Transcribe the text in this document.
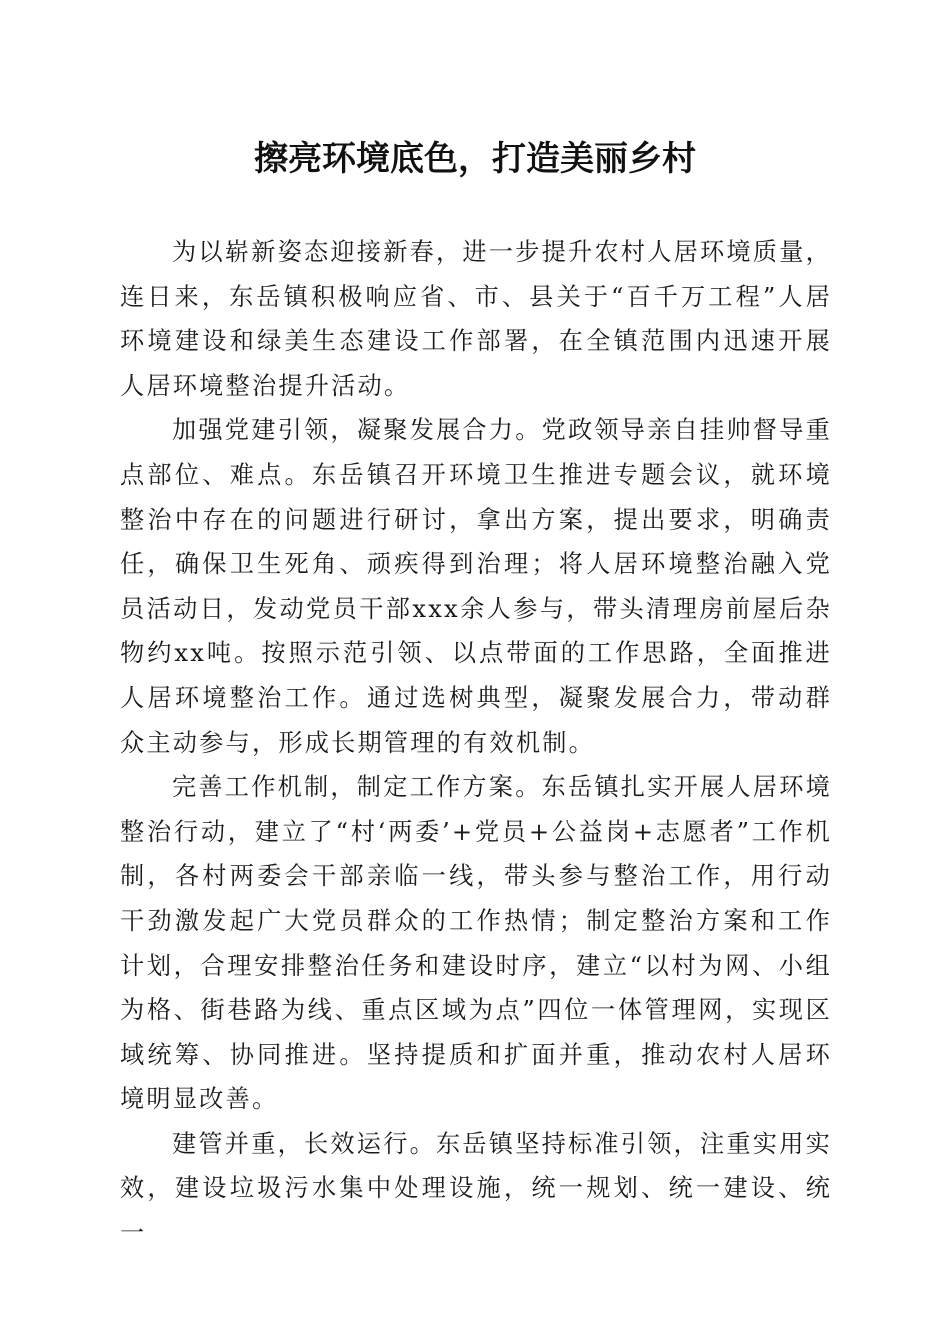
擦亮环境底色，打造美丽乡村

为以崭新姿态迎接新春，进一步提升农村人居环境质量，连日来，东岳镇积极响应省、市、县关于“百千万工程”人居环境建设和绿美生态建设工作部署，在全镇范围内迅速开展人居环境整治提升活动。

加强党建引领，凝聚发展合力。党政领导亲自挂帅督导重点部位、难点。东岳镇召开环境卫生推进专题会议，就环境整治中存在的问题进行研讨，拿出方案，提出要求，明确责任，确保卫生死角、顽疾得到治理；将人居环境整治融入党员活动日，发动党员干部xxx余人参与，带头清理房前屋后杂物约xx吨。按照示范引领、以点带面的工作思路，全面推进人居环境整治工作。通过选树典型，凝聚发展合力，带动群众主动参与，形成长期管理的有效机制。

完善工作机制，制定工作方案。东岳镇扎实开展人居环境整治行动，建立了“村‘两委’+党员+公益岗+志愿者”工作机制，各村两委会干部亲临一线，带头参与整治工作，用行动干劲激发起广大党员群众的工作热情；制定整治方案和工作计划，合理安排整治任务和建设时序，建立“以村为网、小组为格、街巷路为线、重点区域为点”四位一体管理网，实现区域统筹、协同推进。坚持提质和扩面并重，推动农村人居环境明显改善。

建管并重，长效运行。东岳镇坚持标准引领，注重实用实效，建设垃圾污水集中处理设施，统一规划、统一建设、统一
